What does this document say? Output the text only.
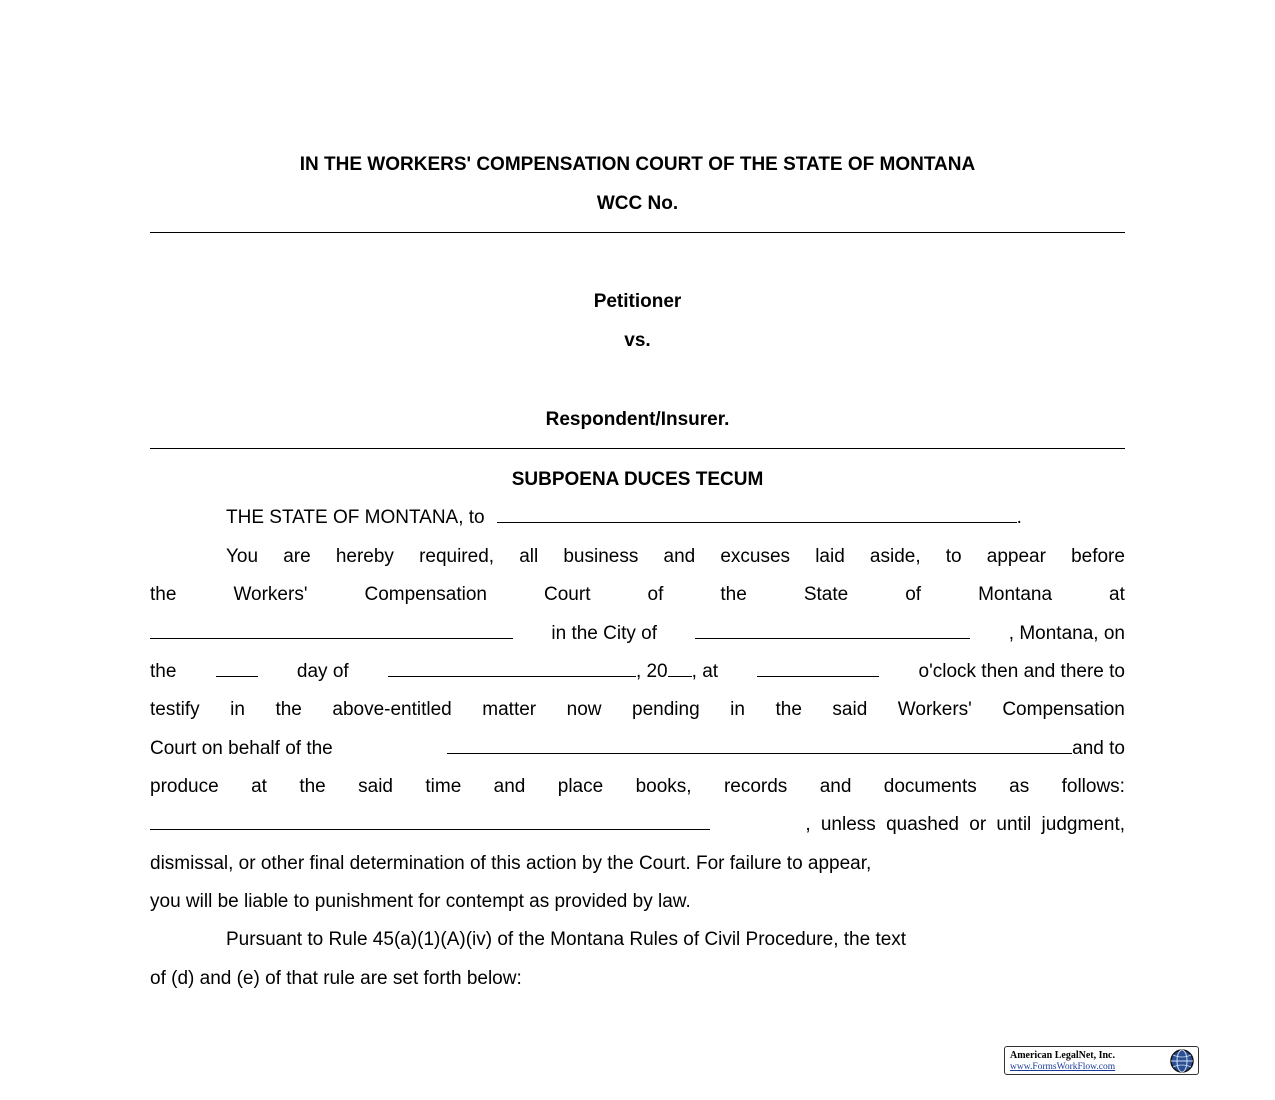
IN THE WORKERS' COMPENSATION COURT OF THE STATE OF MONTANA
WCC No.
Petitioner
vs.
Respondent/Insurer.
SUBPOENA DUCES TECUM
THE STATE OF MONTANA, to	.
You are hereby required, all business and excuses laid aside, to appear before
the	Workers'	Compensation	Court	of	the	State	of	Montana	at
in the City of	, Montana, on
the	day of	, 20 , at	o'clock then and there to
testify in the above-entitled matter now pending in the said Workers' Compensation
Court on behalf of the	and to
produce at the said time and place books, records and documents as follows:
, unless quashed or until judgment,
dismissal, or other final determination of this action by the Court. For failure to appear,
you will be liable to punishment for contempt as provided by law.
Pursuant to Rule 45(a)(1)(A)(iv) of the Montana Rules of Civil Procedure, the text
of (d) and (e) of that rule are set forth below:
American LegalNet, Inc.
www.FormsWorkFlow.com
